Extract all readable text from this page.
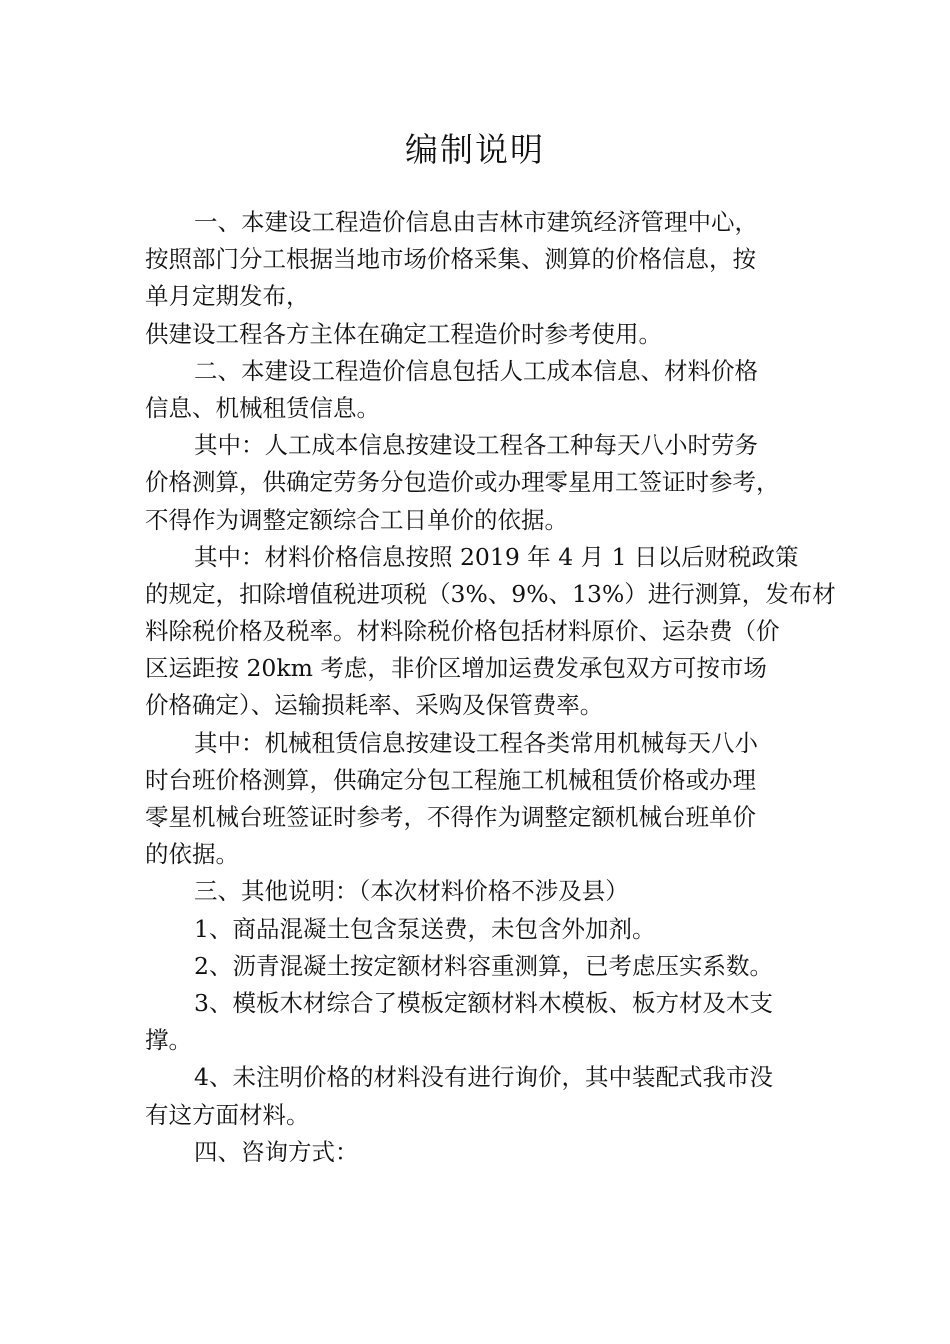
编制说明
一、本建设工程造价信息由吉林市建筑经济管理中心，
按照部门分工根据当地市场价格采集、测算的价格信息，按
单月定期发布，
供建设工程各方主体在确定工程造价时参考使用。
二、本建设工程造价信息包括人工成本信息、材料价格
信息、机械租赁信息。
其中：人工成本信息按建设工程各工种每天八小时劳务
价格测算，供确定劳务分包造价或办理零星用工签证时参考，
不得作为调整定额综合工日单价的依据。
其中：材料价格信息按照 2019 年 4 月 1 日以后财税政策
的规定，扣除增值税进项税（3%、9%、13%）进行测算，发布材
料除税价格及税率。材料除税价格包括材料原价、运杂费（价
区运距按 20km 考虑，非价区增加运费发承包双方可按市场
价格确定）、运输损耗率、采购及保管费率。
其中：机械租赁信息按建设工程各类常用机械每天八小
时台班价格测算，供确定分包工程施工机械租赁价格或办理
零星机械台班签证时参考，不得作为调整定额机械台班单价
的依据。
三、其他说明：（本次材料价格不涉及县）
1、商品混凝土包含泵送费，未包含外加剂。
2、沥青混凝土按定额材料容重测算，已考虑压实系数。
3、模板木材综合了模板定额材料木模板、板方材及木支
撑。
4、未注明价格的材料没有进行询价，其中装配式我市没
有这方面材料。
四、咨询方式：
